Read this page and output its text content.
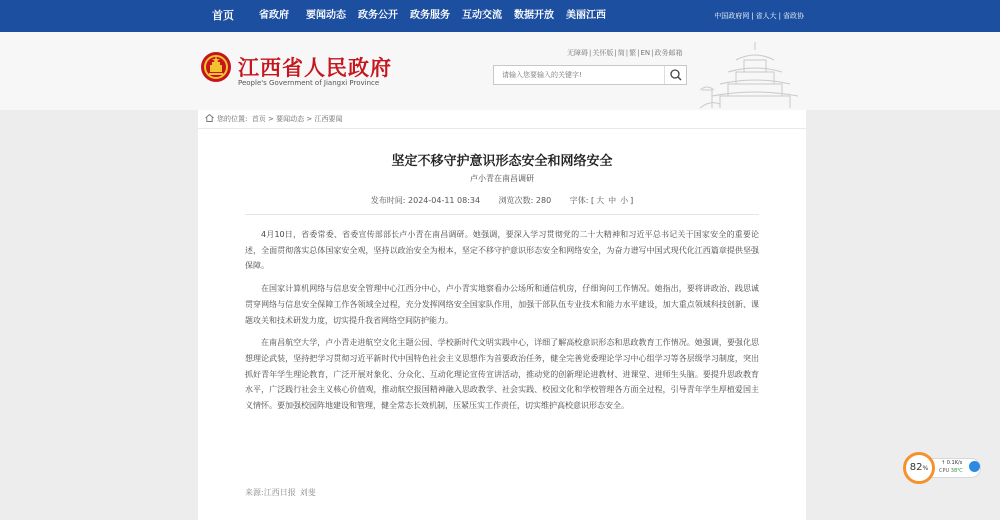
首页	省政府 要闻动态 政务公开 政务服务 互动交流 数据开放 美丽江西	中国政府网 | 省人大 | 省政协
江西省人民政府
People's Government of Jiangxi Province
无障碍|关怀版|简|繁|EN|政务邮箱
请输入您要输入的关键字!
您的位置: 首页 > 要闻动态 > 江西要闻
坚定不移守护意识形态安全和网络安全
卢小青在南昌调研
发布时间: 2024-04-11 08:34 浏览次数: 280 字体: [ 大 中 小 ]

4月10日，省委常委、省委宣传部部长卢小青在南昌调研。她强调，要深入学习贯彻党的二十大精神和习近平总书记关于国家安全的重要论述，全面贯彻落实总体国家安全观，坚持以政治安全为根本，坚定不移守护意识形态安全和网络安全，为奋力谱写中国式现代化江西篇章提供坚强保障。

在国家计算机网络与信息安全管理中心江西分中心，卢小青实地察看办公场所和通信机房，仔细询问工作情况。她指出，要将讲政治、践思诚贯穿网络与信息安全保障工作各领域全过程，充分发挥网络安全国家队作用，加强干部队伍专业技术和能力水平建设，加大重点领域科技创新、课题攻关和技术研发力度，切实提升我省网络空间防护能力。

在南昌航空大学，卢小青走进航空文化主题公园、学校新时代文明实践中心，详细了解高校意识形态和思政教育工作情况。她强调，要强化思想理论武装，坚持把学习贯彻习近平新时代中国特色社会主义思想作为首要政治任务，健全完善党委理论学习中心组学习等各层级学习制度，突出抓好青年学生理论教育，广泛开展对象化、分众化、互动化理论宣传宣讲活动，推动党的创新理论进教材、进课堂、进师生头脑。要提升思政教育水平，广泛践行社会主义核心价值观，推动航空报国精神融入思政教学、社会实践、校园文化和学校管理各方面全过程，引导青年学生厚植爱国主义情怀。要加强校园阵地建设和管理，健全常态长效机制，压紧压实工作责任，切实维护高校意识形态安全。

来源:江西日报 刘斐
82%
↑ 0.1K/s
CPU 38℃
